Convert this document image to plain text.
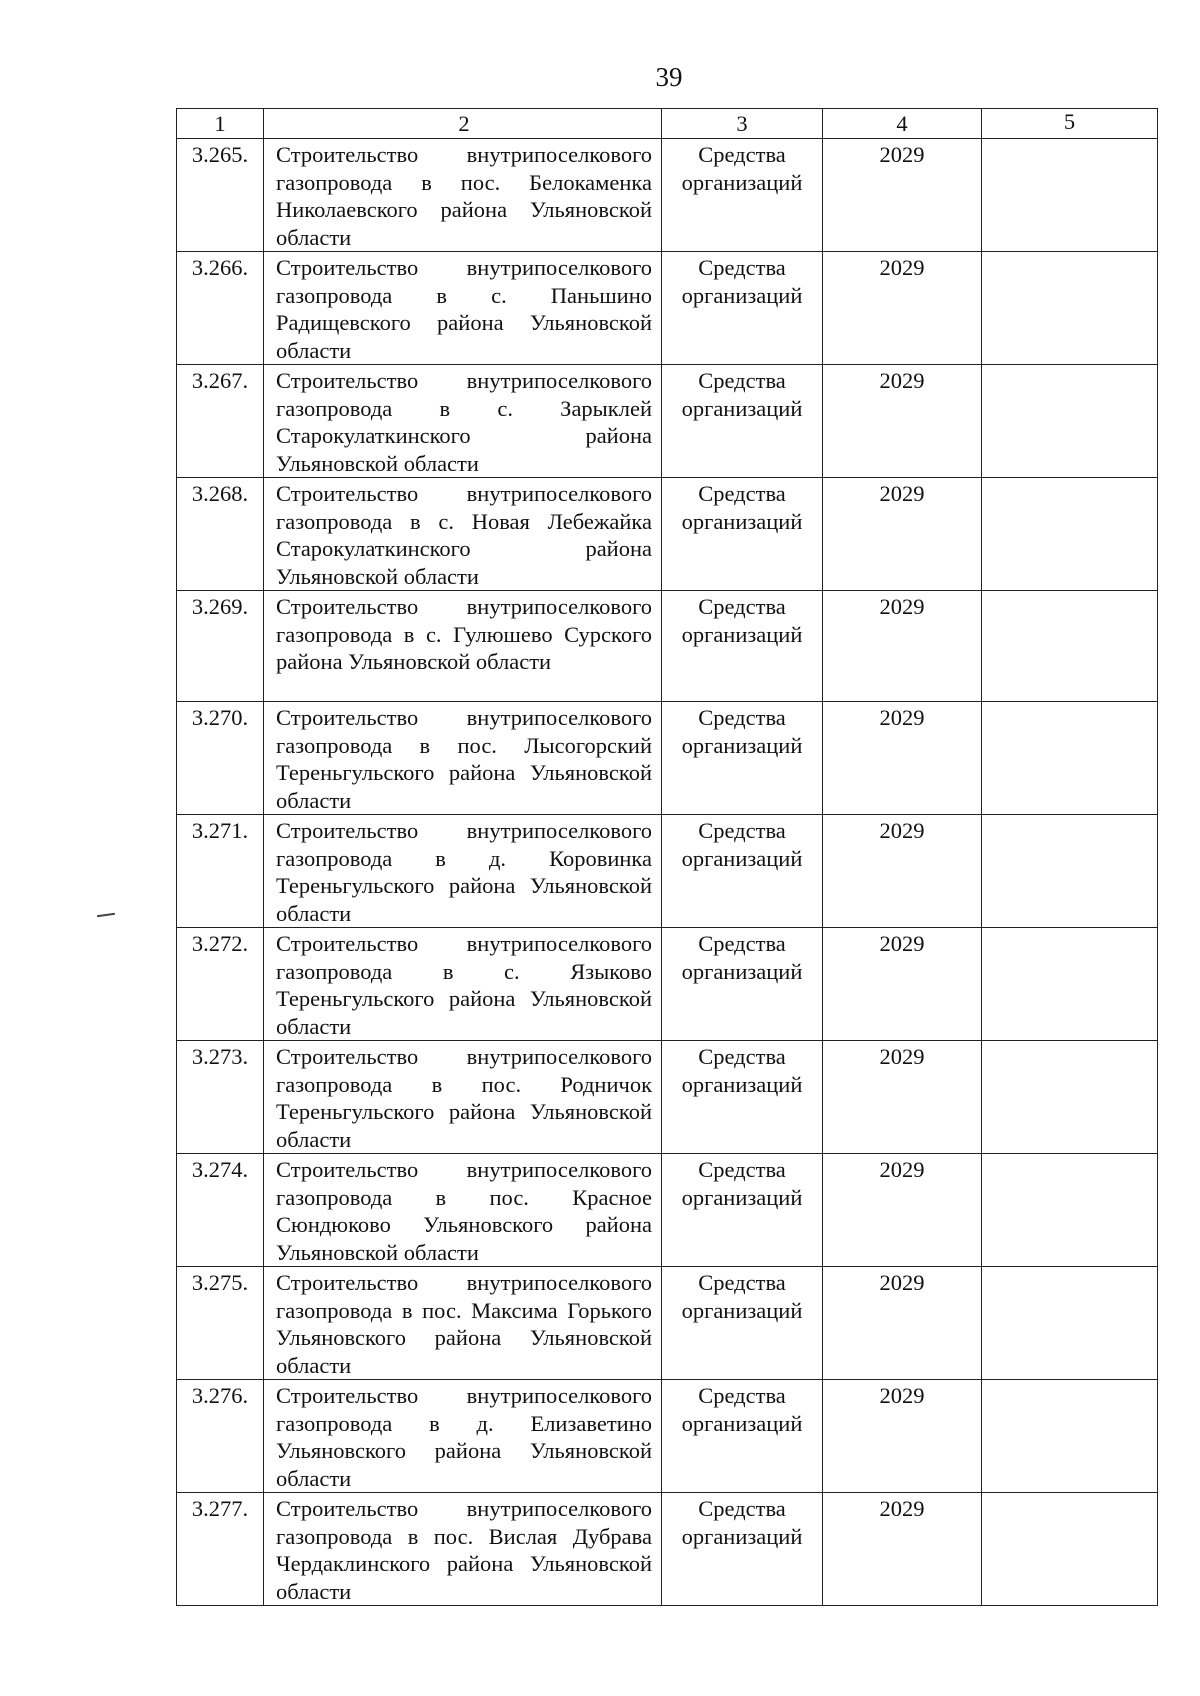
39
1	2	3	4	5
3.265.	Строительство внутрипоселкового газопровода в пос. Белокаменка Николаевского района Ульяновской области	Средства организаций	2029	
3.266.	Строительство внутрипоселкового газопровода в с. Паньшино Радищевского района Ульяновской области	Средства организаций	2029	
3.267.	Строительство внутрипоселкового газопровода в с. Зарыклей Старокулаткинского района Ульяновской области	Средства организаций	2029	
3.268.	Строительство внутрипоселкового газопровода в с. Новая Лебежайка Старокулаткинского района Ульяновской области	Средства организаций	2029	
3.269.	Строительство внутрипоселкового газопровода в с. Гулюшево Сурского района Ульяновской области	Средства организаций	2029	
3.270.	Строительство внутрипоселкового газопровода в пос. Лысогорский Тереньгульского района Ульяновской области	Средства организаций	2029	
3.271.	Строительство внутрипоселкового газопровода в д. Коровинка Тереньгульского района Ульяновской области	Средства организаций	2029	
3.272.	Строительство внутрипоселкового газопровода в с. Языково Тереньгульского района Ульяновской области	Средства организаций	2029	
3.273.	Строительство внутрипоселкового газопровода в пос. Родничок Тереньгульского района Ульяновской области	Средства организаций	2029	
3.274.	Строительство внутрипоселкового газопровода в пос. Красное Сюндюково Ульяновского района Ульяновской области	Средства организаций	2029	
3.275.	Строительство внутрипоселкового газопровода в пос. Максима Горького Ульяновского района Ульяновской области	Средства организаций	2029	
3.276.	Строительство внутрипоселкового газопровода в д. Елизаветино Ульяновского района Ульяновской области	Средства организаций	2029	
3.277.	Строительство внутрипоселкового газопровода в пос. Вислая Дубрава Чердаклинского района Ульяновской области	Средства организаций	2029	
